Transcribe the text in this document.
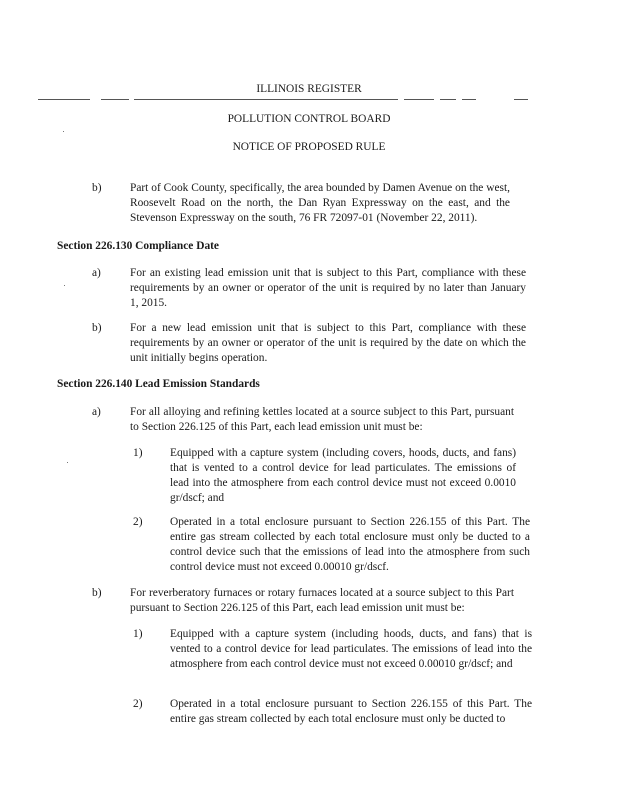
ILLINOIS REGISTER
POLLUTION CONTROL BOARD
NOTICE OF PROPOSED RULE
b)	Part of Cook County, specifically, the area bounded by Damen Avenue on the west, Roosevelt Road on the north, the Dan Ryan Expressway on the east, and the Stevenson Expressway on the south, 76 FR 72097-01 (November 22, 2011).
Section 226.130 Compliance Date
a)	For an existing lead emission unit that is subject to this Part, compliance with these requirements by an owner or operator of the unit is required by no later than January 1, 2015.
b)	For a new lead emission unit that is subject to this Part, compliance with these requirements by an owner or operator of the unit is required by the date on which the unit initially begins operation.
Section 226.140 Lead Emission Standards
a)	For all alloying and refining kettles located at a source subject to this Part, pursuant to Section 226.125 of this Part, each lead emission unit must be:
1) Equipped with a capture system (including covers, hoods, ducts, and fans) that is vented to a control device for lead particulates. The emissions of lead into the atmosphere from each control device must not exceed 0.0010 gr/dscf; and
2) Operated in a total enclosure pursuant to Section 226.155 of this Part. The entire gas stream collected by each total enclosure must only be ducted to a control device such that the emissions of lead into the atmosphere from such control device must not exceed 0.00010 gr/dscf.
b)	For reverberatory furnaces or rotary furnaces located at a source subject to this Part pursuant to Section 226.125 of this Part, each lead emission unit must be:
1) Equipped with a capture system (including hoods, ducts, and fans) that is vented to a control device for lead particulates. The emissions of lead into the atmosphere from each control device must not exceed 0.00010 gr/dscf; and
2) Operated in a total enclosure pursuant to Section 226.155 of this Part. The entire gas stream collected by each total enclosure must only be ducted to
